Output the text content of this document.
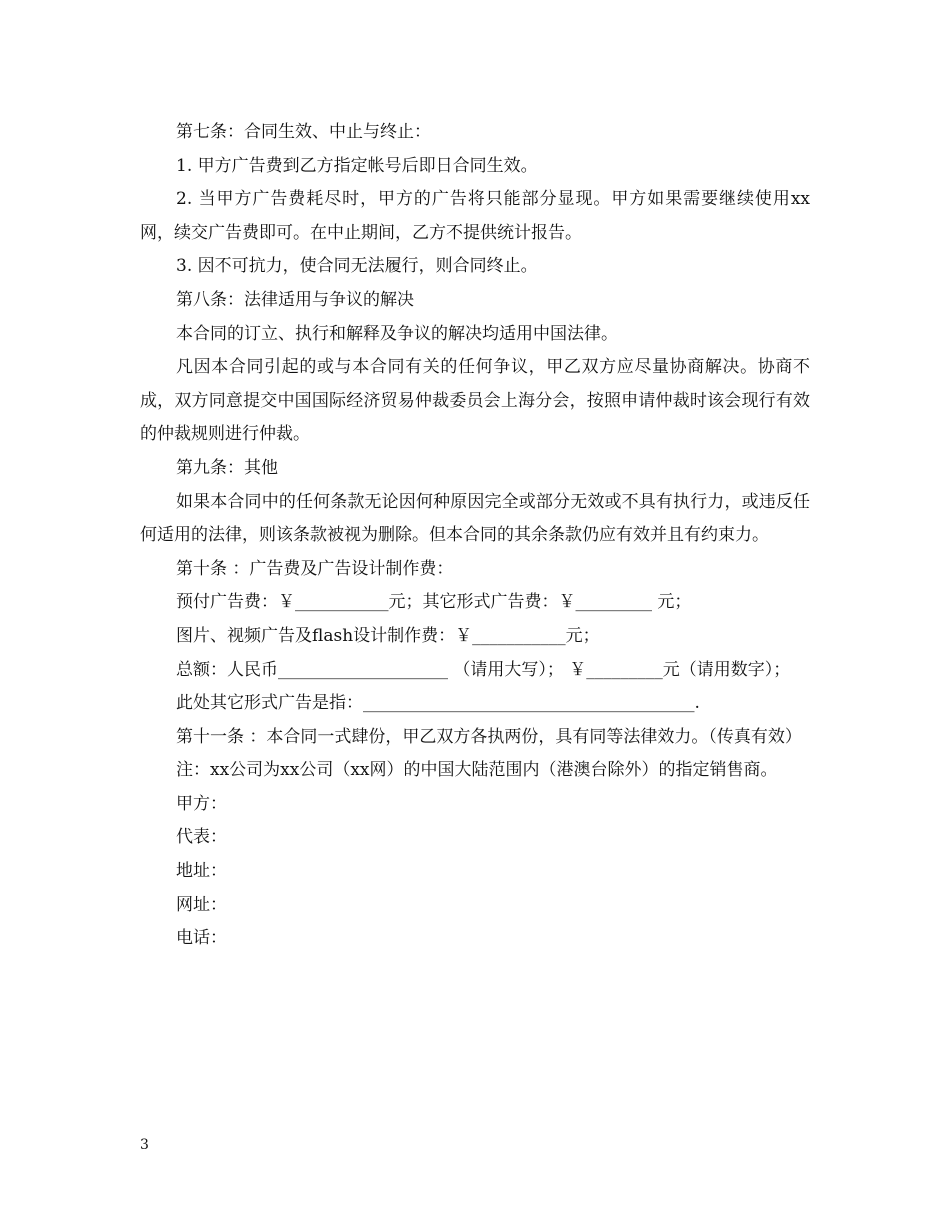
第七条：合同生效、中止与终止：

1. 甲方广告费到乙方指定帐号后即日合同生效。

2. 当甲方广告费耗尽时，甲方的广告将只能部分显现。甲方如果需要继续使用xx网，续交广告费即可。在中止期间，乙方不提供统计报告。

3. 因不可抗力，使合同无法履行，则合同终止。

第八条：法律适用与争议的解决

本合同的订立、执行和解释及争议的解决均适用中国法律。

凡因本合同引起的或与本合同有关的任何争议，甲乙双方应尽量协商解决。协商不成，双方同意提交中国国际经济贸易仲裁委员会上海分会，按照申请仲裁时该会现行有效的仲裁规则进行仲裁。

第九条：其他

如果本合同中的任何条款无论因何种原因完全或部分无效或不具有执行力，或违反任何适用的法律，则该条款被视为删除。但本合同的其余条款仍应有效并且有约束力。

第十条 ：广告费及广告设计制作费：

预付广告费：￥___________元；其它形式广告费：￥_________ 元；

图片、视频广告及flash设计制作费：￥___________元；

总额：人民币____________________ （请用大写）； ￥_________元（请用数字）；

此处其它形式广告是指：_______________________________________.

第十一条 ：本合同一式肆份，甲乙双方各执两份，具有同等法律效力。（传真有效）

注：xx公司为xx公司（xx网）的中国大陆范围内（港澳台除外）的指定销售商。

甲方：

代表：

地址：

网址：

电话：

3
